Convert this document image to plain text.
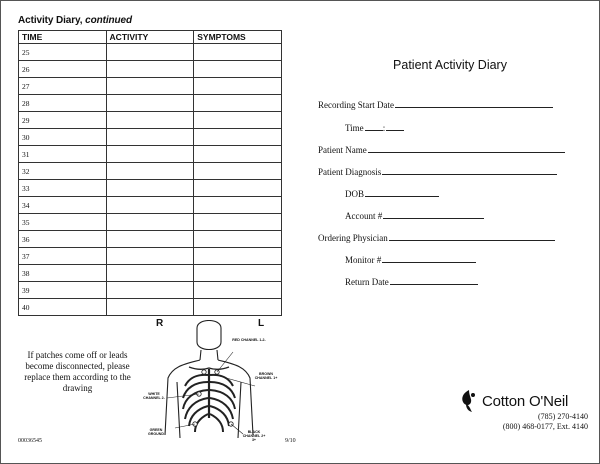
Activity Diary, continued
TIME	ACTIVITY	SYMPTOMS
25		
26		
27		
28		
29		
30		
31		
32		
33		
34		
35		
36		
37		
38		
39		
40		
If patches come off or leads become disconnected, please replace them according to the drawing
R	L
RED CHANNEL 1-2-
BROWN CHANNEL 1+
WHITE CHANNEL 2-
GREEN GROUND	BLACK CHANNEL 2+ 3+
00036545	9/10
Patient Activity Diary
Recording Start Date
Time :
Patient Name
Patient Diagnosis
DOB
Account #
Ordering Physician
Monitor #
Return Date
Cotton O'Neil
(785) 270-4140
(800) 468-0177, Ext. 4140
